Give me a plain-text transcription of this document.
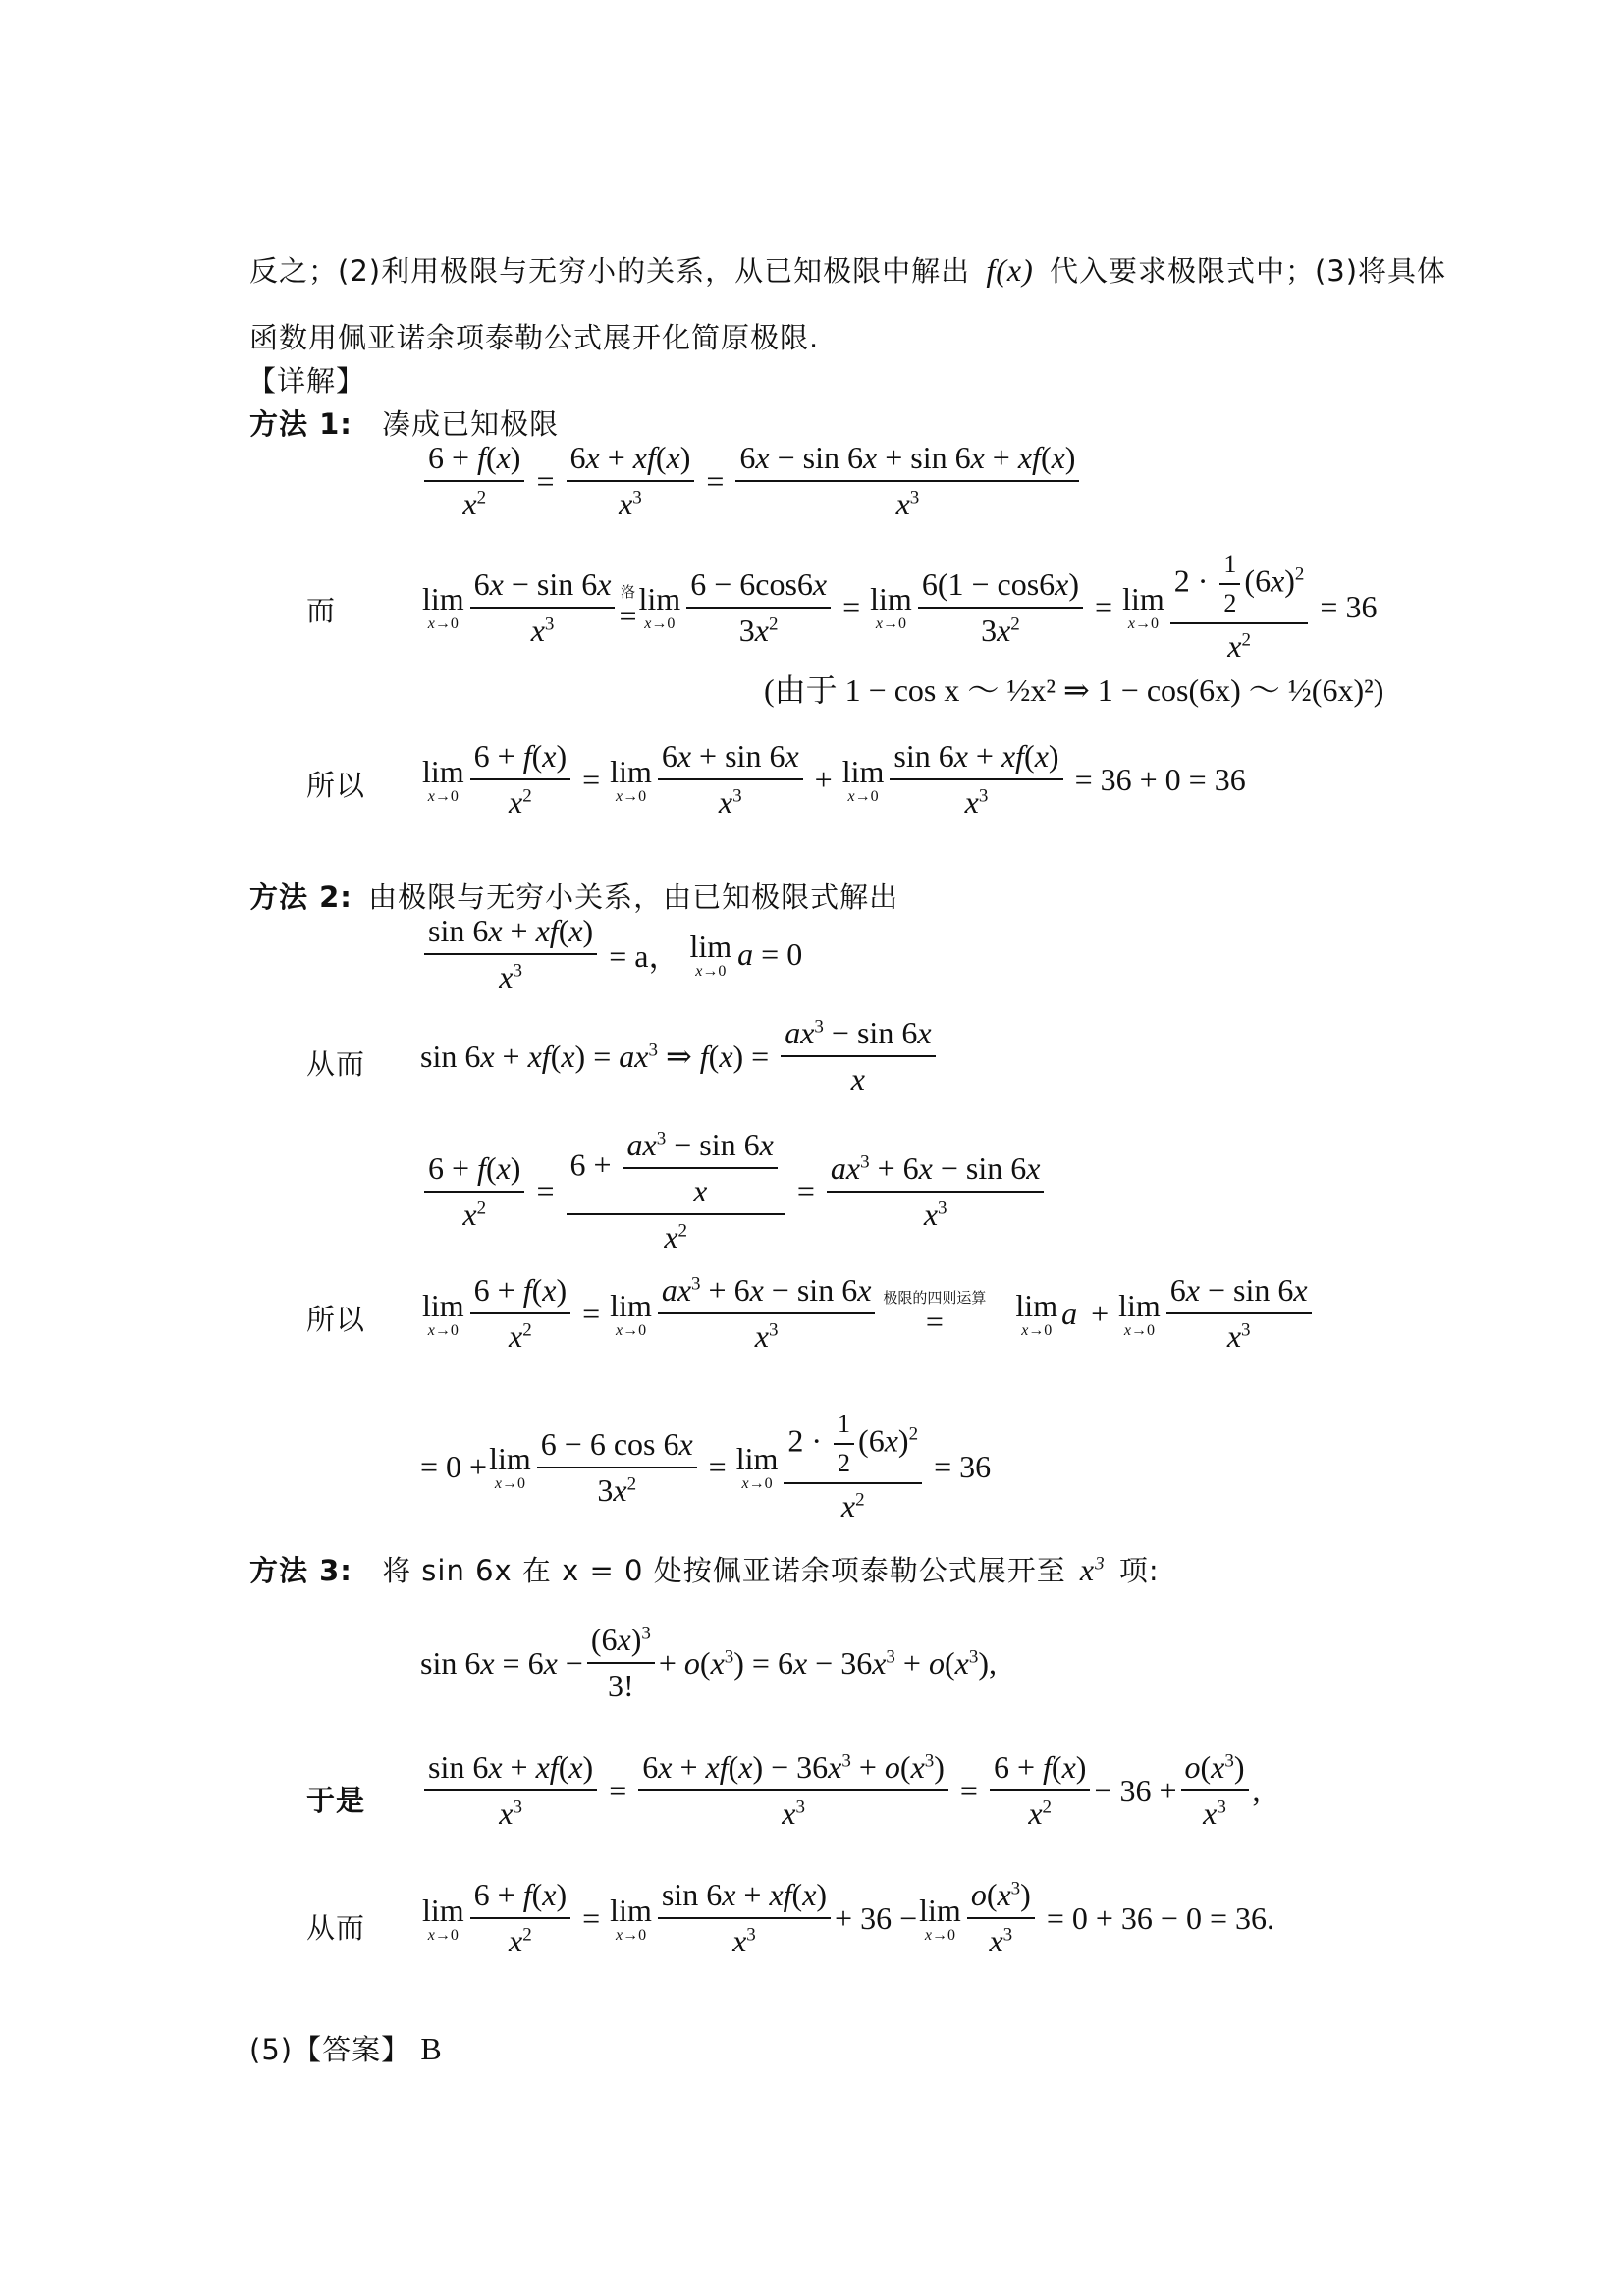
反之；(2)利用极限与无穷小的关系，从已知极限中解出 f(x) 代入要求极限式中；(3)将具体
函数用佩亚诺余项泰勒公式展开化简原极限.
【详解】
方法 1: 凑成已知极限
$\frac{6 + f(x)}{x^2} = \frac{6x + xf(x)}{x^3} = \frac{6x - \sin 6x + \sin 6x + xf(x)}{x^3}$
而	lim
$x\to 0 \frac{6x - \sin 6x}{x^3}$ 洛
= lim
$x\to 0 \frac{6 - 6\cos 6x}{3x^2} = \lim$
$x\to 0 \frac{6(1 - \cos 6x)}{3x^2} = \lim$
$x\to 0 \frac{2 \cdot \frac{1}{2} (6x)^2}{x^2} = 36$
(由于 1 − cos x ～ ½x² ⇒ 1 − cos(6x) ～ ½(6x)²)
所以 lim
$x\to 0 \frac{6 + f(x)}{x^2} = \lim$
$x\to 0 \frac{6x + \sin 6x}{x^3} + \lim$
$x\to 0 \frac{\sin 6x + xf(x)}{x^3} = 36 + 0 = 36$
方法 2: 由极限与无穷小关系，由已知极限式解出
$\frac{\sin 6x + xf(x)}{x^3} = a$， lim
x→0 a = 0
从而 $\sin 6x + xf(x) = ax^3$ ⇒ $f(x) = \frac{ax^3 - \sin 6x}{x}$
$\frac{6 + f(x)}{x^2} = \frac{6 + \frac{ax^3 - \sin 6x}{x}}{x^2} = \frac{ax^3 + 6x - \sin 6x}{x^3}$
所以 lim
$x\to 0 \frac{6 + f(x)}{x^2} = \lim$
$x\to 0 \frac{ax^3 + 6x - \sin 6x}{x^3}$ 极限的四则运算
= lim
x→0 a + lim
$x\to 0 \frac{6x - \sin 6x}{x^3}$
= 0 + lim
$x\to 0 \frac{6 - 6 \cos 6x}{3x^2} = \lim$
$x\to 0 \frac{2 \cdot \frac{1}{2} (6x)^2}{x^2} = 36$
方法 3: 将 sin 6x 在 x = 0 处按佩亚诺余项泰勒公式展开至 $x^3$ 项:
$\sin 6x = 6x - \frac{(6x)^3}{3!} + o(x^3) = 6x - 36x^3 + o(x^3)$,
于是 $\frac{\sin 6x + xf(x)}{x^3} = \frac{6x + xf(x) - 36x^3 + o(x^3)}{x^3} = \frac{6 + f(x)}{x^2} - 36 + \frac{o(x^3)}{x^3}$ ,
从而
lim
$x\to 0 \frac{6 + f(x)}{x^2} = \lim$
$x\to 0 \frac{\sin 6x + xf(x)}{x^3} + 36 - \lim$
$x\to 0 \frac{o(x^3)}{x^3} = 0 + 36 - 0 = 36$.
(5)【答案】 B
